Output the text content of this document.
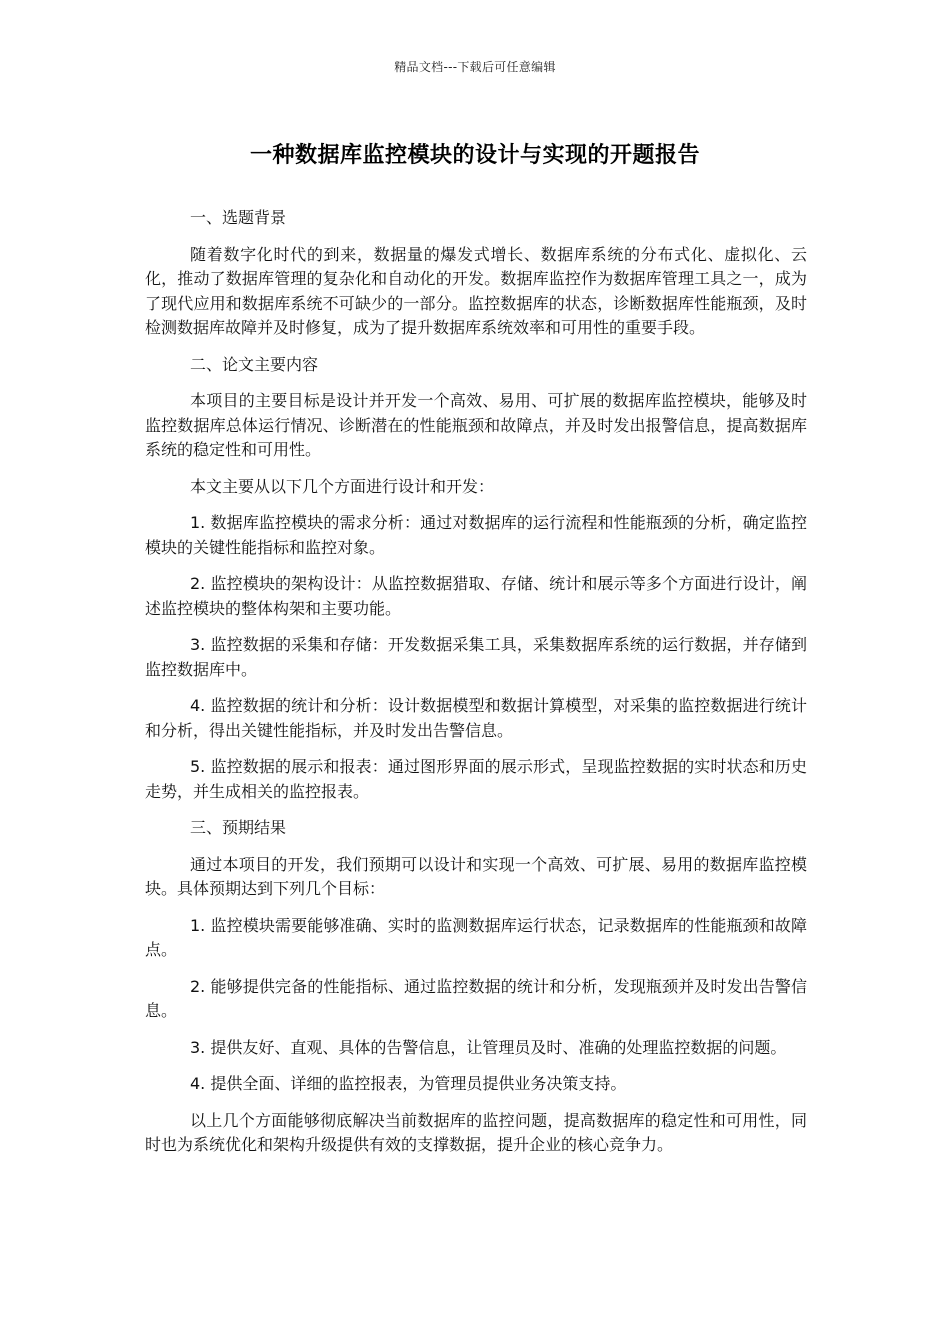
精品文档---下载后可任意编辑
一种数据库监控模块的设计与实现的开题报告

一、选题背景

随着数字化时代的到来，数据量的爆发式增长、数据库系统的分布式化、虚拟化、云化，推动了数据库管理的复杂化和自动化的开发。数据库监控作为数据库管理工具之一，成为了现代应用和数据库系统不可缺少的一部分。监控数据库的状态，诊断数据库性能瓶颈，及时检测数据库故障并及时修复，成为了提升数据库系统效率和可用性的重要手段。

二、论文主要内容

本项目的主要目标是设计并开发一个高效、易用、可扩展的数据库监控模块，能够及时监控数据库总体运行情况、诊断潜在的性能瓶颈和故障点，并及时发出报警信息，提高数据库系统的稳定性和可用性。

本文主要从以下几个方面进行设计和开发：

1. 数据库监控模块的需求分析：通过对数据库的运行流程和性能瓶颈的分析，确定监控模块的关键性能指标和监控对象。

2. 监控模块的架构设计：从监控数据猎取、存储、统计和展示等多个方面进行设计，阐述监控模块的整体构架和主要功能。

3. 监控数据的采集和存储：开发数据采集工具，采集数据库系统的运行数据，并存储到监控数据库中。

4. 监控数据的统计和分析：设计数据模型和数据计算模型，对采集的监控数据进行统计和分析，得出关键性能指标，并及时发出告警信息。

5. 监控数据的展示和报表：通过图形界面的展示形式，呈现监控数据的实时状态和历史走势，并生成相关的监控报表。

三、预期结果

通过本项目的开发，我们预期可以设计和实现一个高效、可扩展、易用的数据库监控模块。具体预期达到下列几个目标：

1. 监控模块需要能够准确、实时的监测数据库运行状态，记录数据库的性能瓶颈和故障点。

2. 能够提供完备的性能指标、通过监控数据的统计和分析，发现瓶颈并及时发出告警信息。

3. 提供友好、直观、具体的告警信息，让管理员及时、准确的处理监控数据的问题。

4. 提供全面、详细的监控报表，为管理员提供业务决策支持。

以上几个方面能够彻底解决当前数据库的监控问题，提高数据库的稳定性和可用性，同时也为系统优化和架构升级提供有效的支撑数据，提升企业的核心竞争力。
